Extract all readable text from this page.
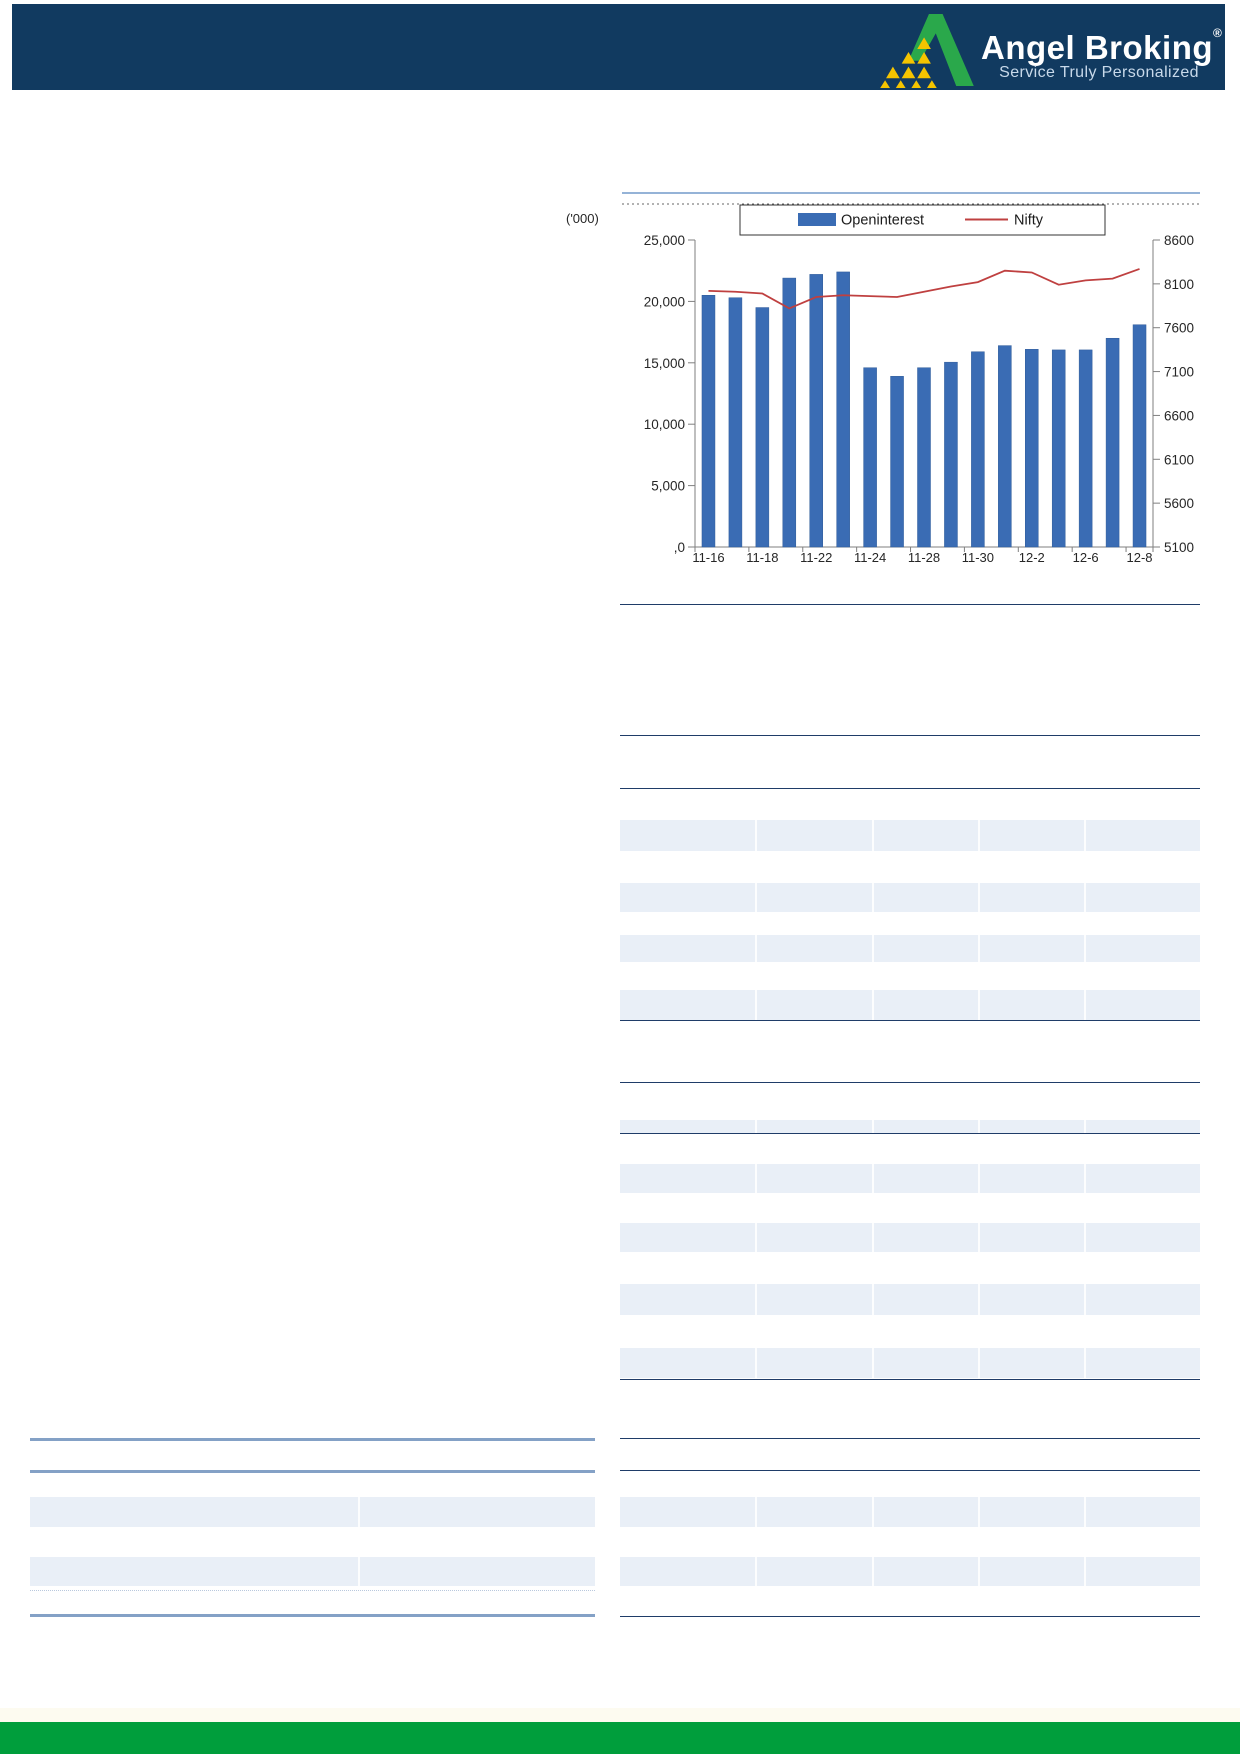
Angel Broking®
Service Truly Personalized
('000)
25,000
20,000
15,000
10,000
5,000
,0
8600
8100
7600
7100
6600
6100
5600
5100
11-16 11-18 11-22 11-24 11-28 11-30 12-2 12-6 12-8
Openinterest	Nifty
